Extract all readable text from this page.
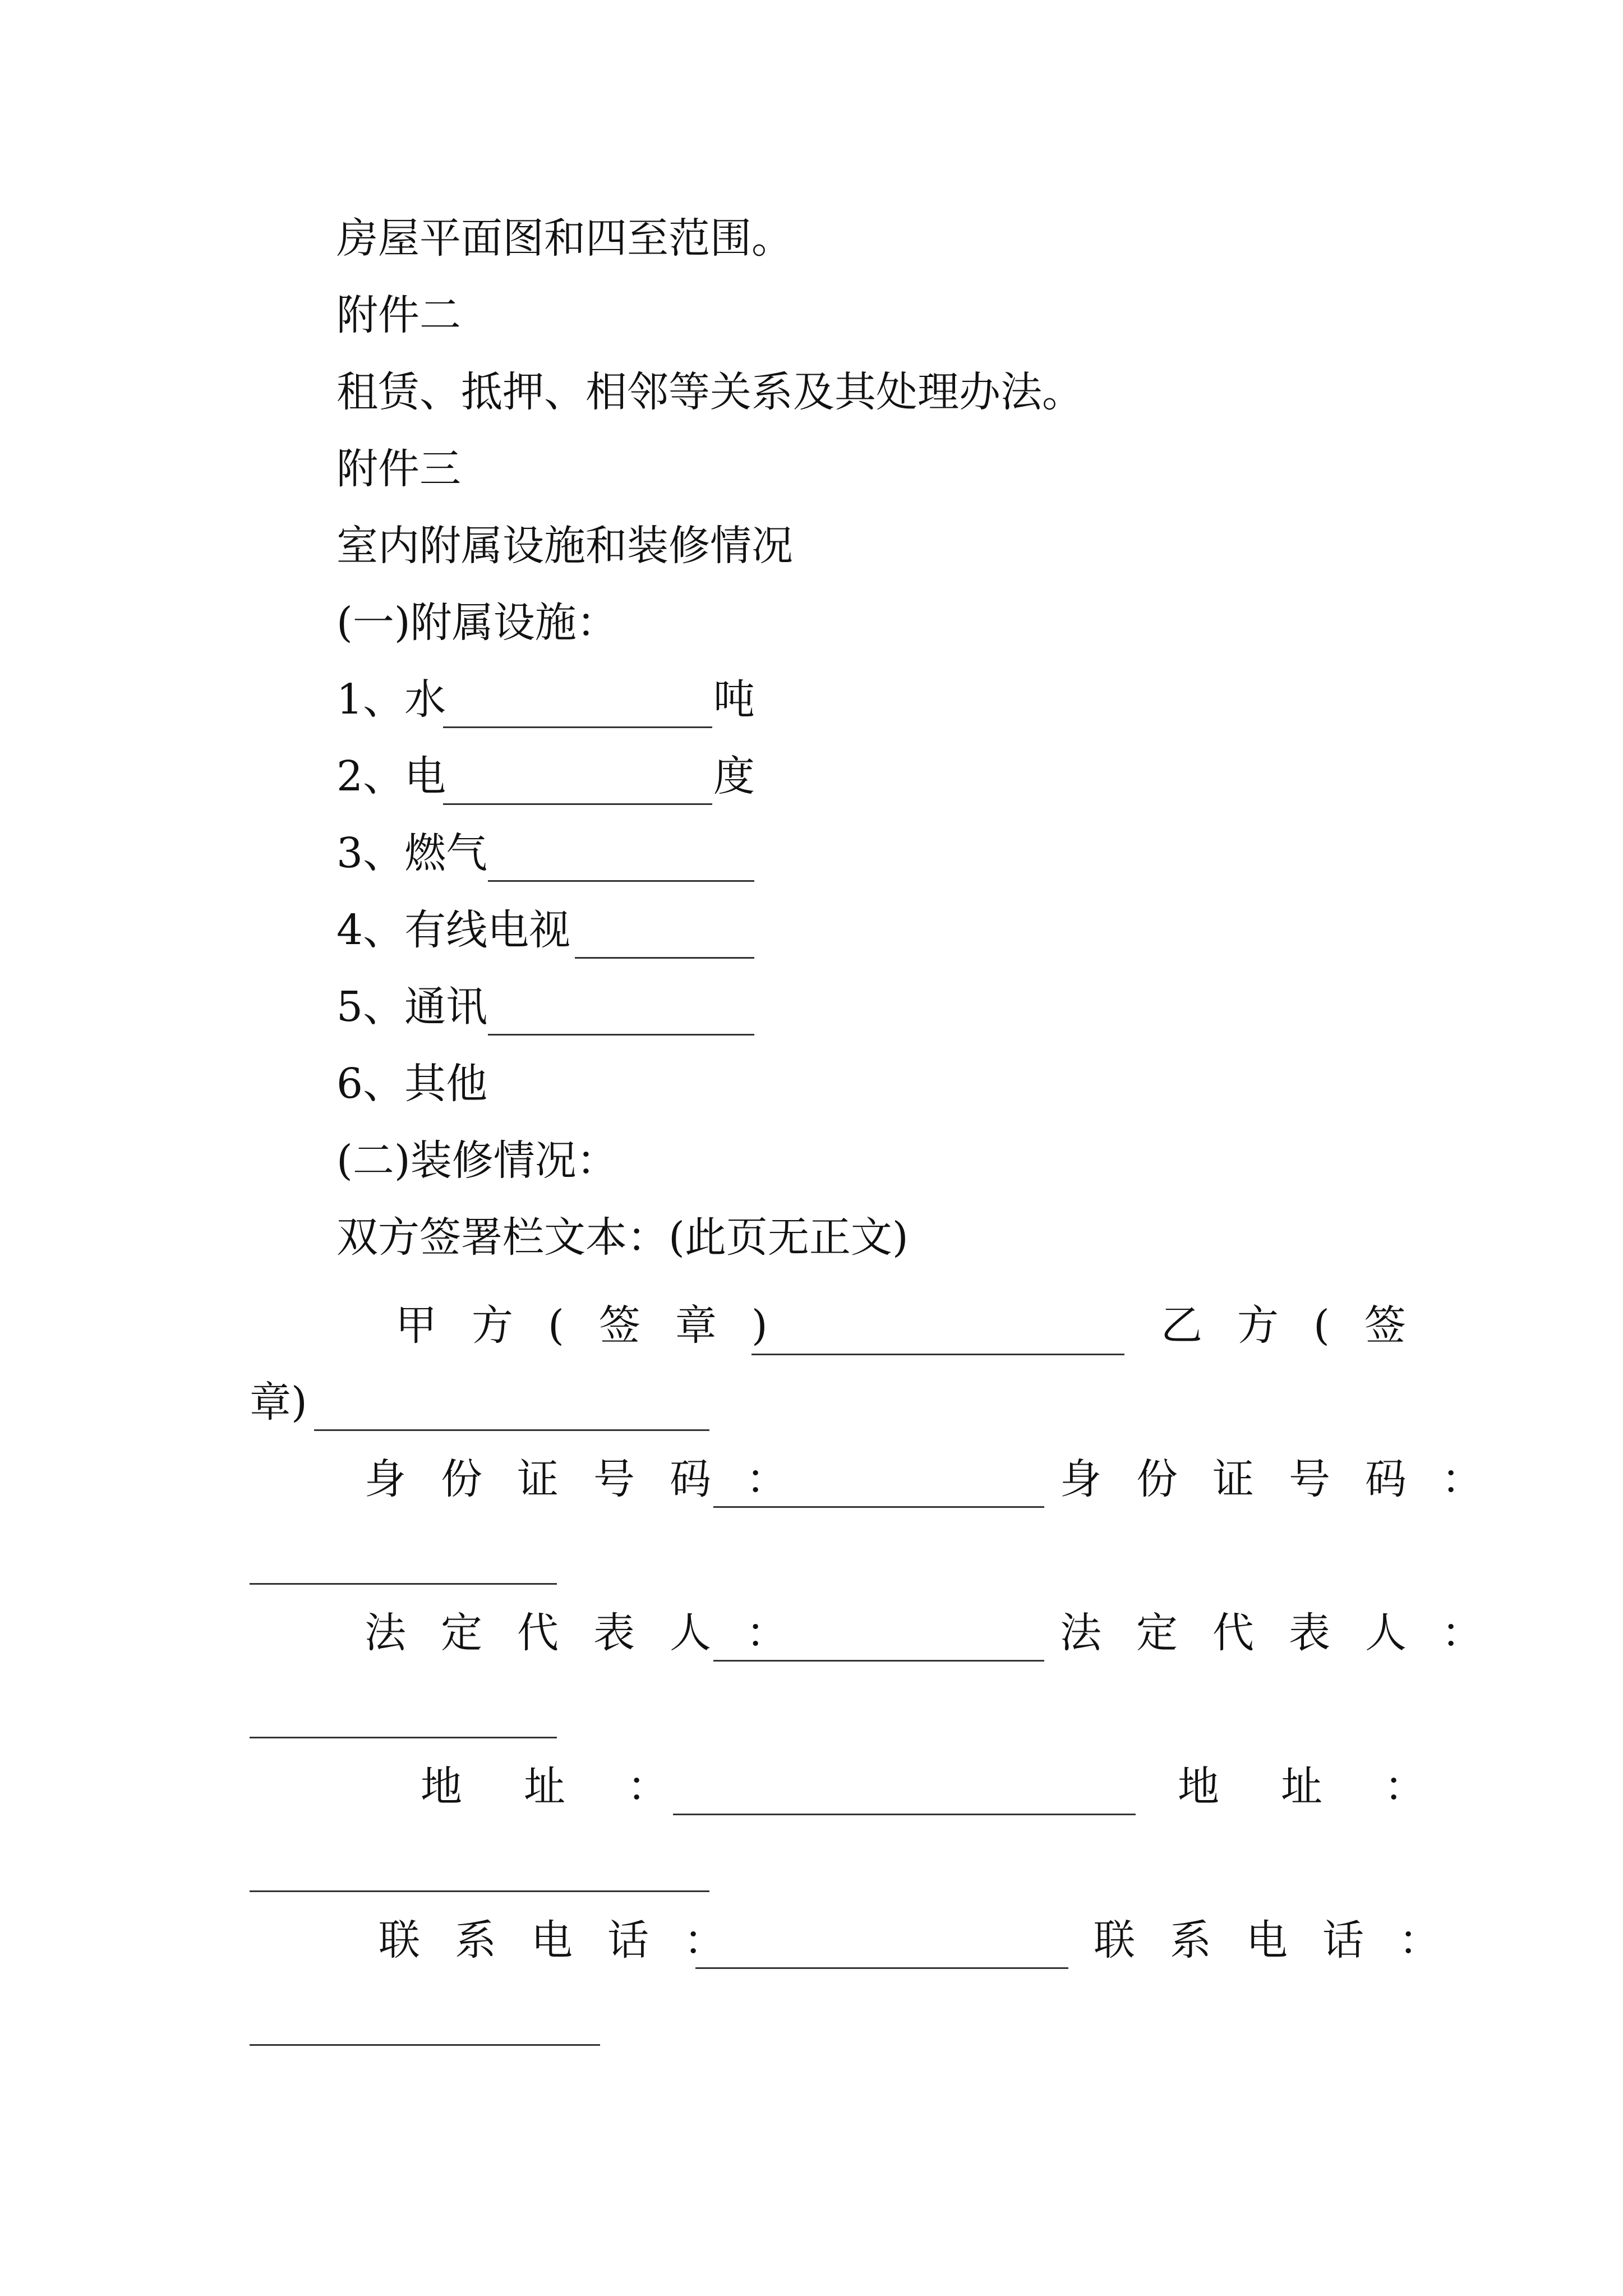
房屋平面图和四至范围。
附件二
租赁、抵押、相邻等关系及其处理办法。
附件三
室内附属设施和装修情况
(一)附属设施：
1、水	吨
2、电	度
3、燃气
4、有线电视
5、通讯
6、其他
(二)装修情况：
双方签署栏文本：(此页无正文)
甲方(签章)	乙方(签
章)
身份证号码：	身份证号码：
法定代表人：	法定代表人：
地址：	地址：
联系电话：	联系电话：
